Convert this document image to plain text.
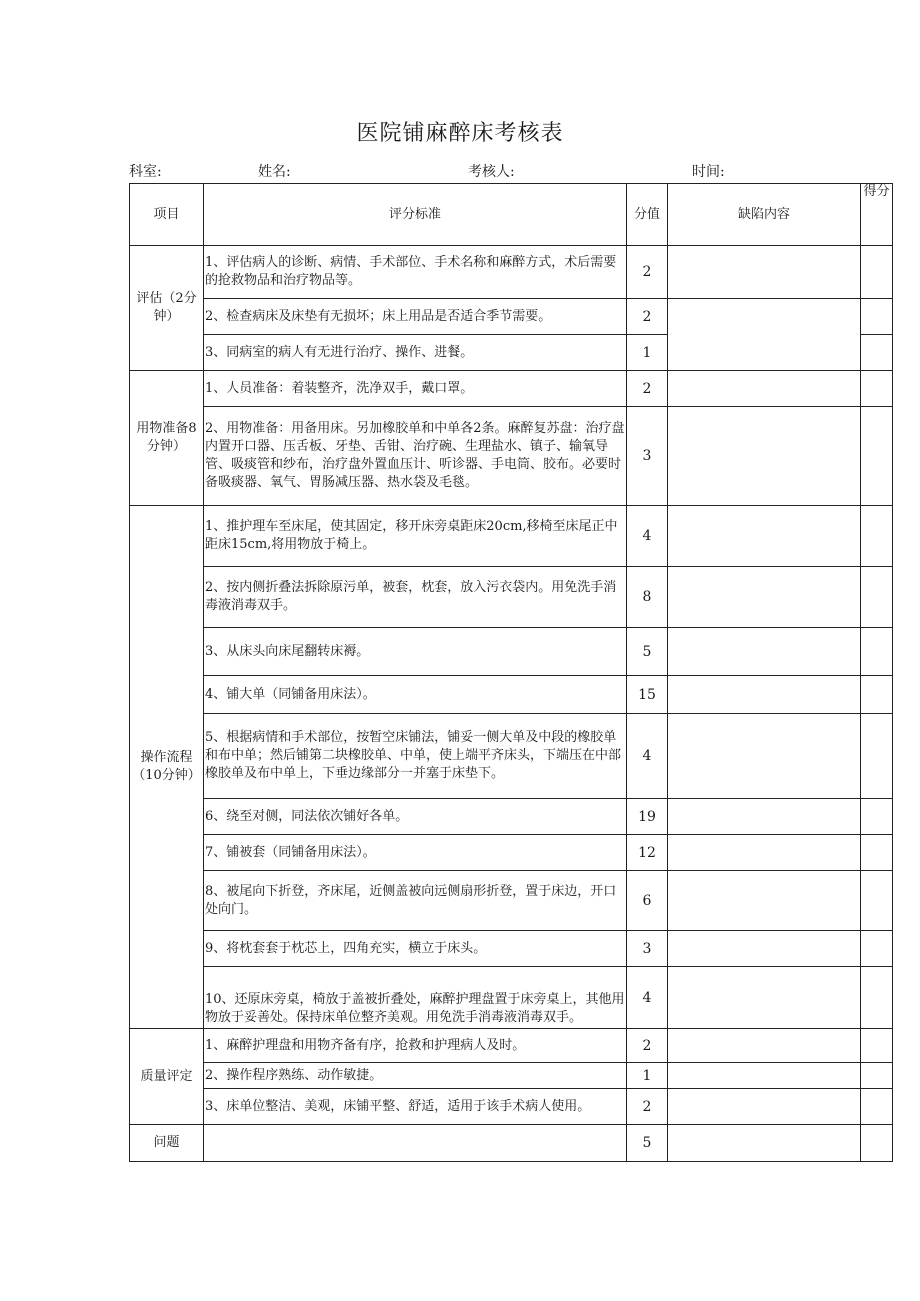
医院铺麻醉床考核表
科室:	姓名:	考核人:	时间:
项目	评分标准	分值	缺陷内容	得分
评估（2分钟）	1、评估病人的诊断、病情、手术部位、手术名称和麻醉方式，术后需要的抢救物品和治疗物品等。	2		
	2、检查病床及床垫有无损坏；床上用品是否适合季节需要。	2		
	3、同病室的病人有无进行治疗、操作、进餐。	1		
用物准备8分钟）	1、人员准备：着装整齐，洗净双手，戴口罩。	2		
	2、用物准备：用备用床。另加橡胶单和中单各2条。麻醉复苏盘：治疗盘内置开口器、压舌板、牙垫、舌钳、治疗碗、生理盐水、镇子、输氧导管、吸痰管和纱布，治疗盘外置血压计、听诊器、手电筒、胶布。必要时备吸痰器、氧气、胃肠减压器、热水袋及毛毯。	3		
操作流程（10分钟）	1、推护理车至床尾，使其固定，移开床旁桌距床20cm,移椅至床尾正中距床15cm,将用物放于椅上。	4		
	2、按内侧折叠法拆除原污单，被套，枕套，放入污衣袋内。用免洗手消毒液消毒双手。	8		
	3、从床头向床尾翻转床褥。	5		
	4、铺大单（同铺备用床法）。	15		
	5、根据病情和手术部位，按暂空床铺法，铺妥一侧大单及中段的橡胶单和布中单；然后铺第二块橡胶单、中单，使上端平齐床头，下端压在中部橡胶单及布中单上，下垂边缘部分一并塞于床垫下。	4		
	6、绕至对侧，同法依次铺好各单。	19		
	7、铺被套（同铺备用床法）。	12		
	8、被尾向下折登，齐床尾，近侧盖被向远侧扇形折登，置于床边，开口处向门。	6		
	9、将枕套套于枕芯上，四角充实，横立于床头。	3		
	10、还原床旁桌，椅放于盖被折叠处，麻醉护理盘置于床旁桌上，其他用物放于妥善处。保持床单位整齐美观。用免洗手消毒液消毒双手。	4		
质量评定	1、麻醉护理盘和用物齐备有序，抢救和护理病人及时。	2		
	2、操作程序熟练、动作敏捷。	1		
	3、床单位整洁、美观，床铺平整、舒适，适用于该手术病人使用。	2		
问题		5		
